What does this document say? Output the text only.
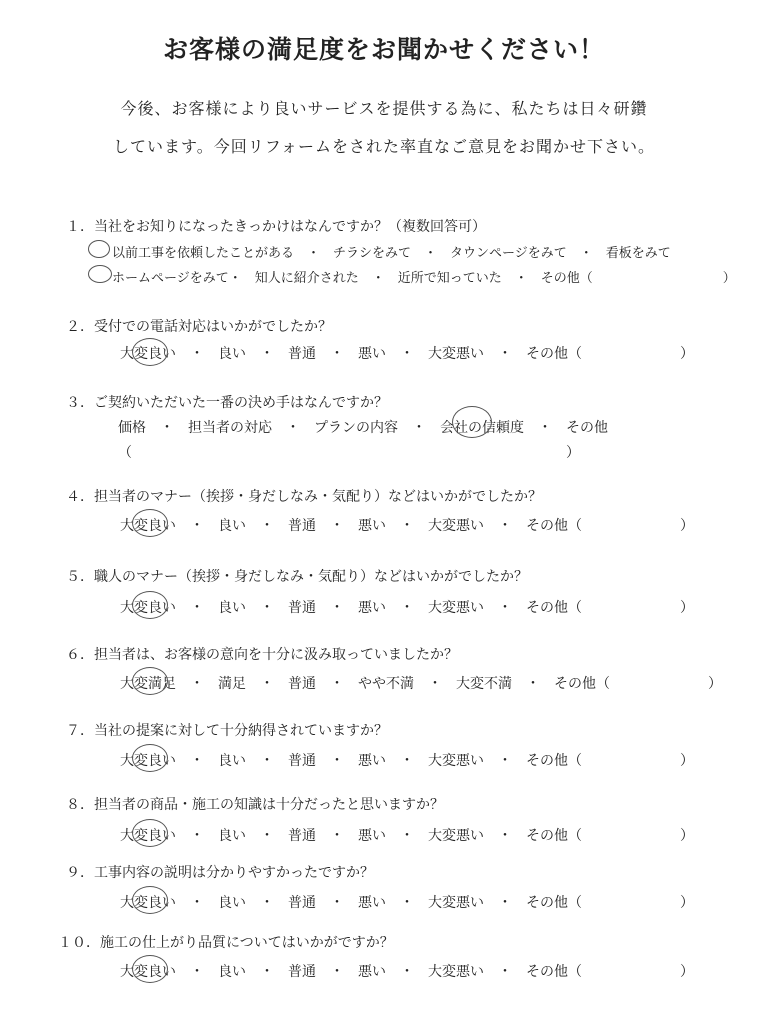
お客様の満足度をお聞かせください！
今後、お客様により良いサービスを提供する為に、私たちは日々研鑽
しています。今回リフォームをされた率直なご意見をお聞かせ下さい。
１．当社をお知りになったきっかけはなんですか？（複数回答可）
以前工事を依頼したことがある　・　チラシをみて　・　タウンページをみて　・　看板をみて
ホームページをみて・　知人に紹介された　・　近所で知っていた　・　その他（　　　　　　　　　　）
２．受付での電話対応はいかがでしたか？
大変良い　・　良い　・　普通　・　悪い　・　大変悪い　・　その他（　　　　　　　）
３．ご契約いただいた一番の決め手はなんですか？
価格　・　担当者の対応　・　プランの内容　・　会社の信頼度　・　その他
（　　　　　　　　　　　　　　　　　　　　　　　　　　　　　　　）
４．担当者のマナー（挨拶・身だしなみ・気配り）などはいかがでしたか？
大変良い　・　良い　・　普通　・　悪い　・　大変悪い　・　その他（　　　　　　　）
５．職人のマナー（挨拶・身だしなみ・気配り）などはいかがでしたか？
大変良い　・　良い　・　普通　・　悪い　・　大変悪い　・　その他（　　　　　　　）
６．担当者は、お客様の意向を十分に汲み取っていましたか？
大変満足　・　満足　・　普通　・　やや不満　・　大変不満　・　その他（　　　　　　　）
７．当社の提案に対して十分納得されていますか？
大変良い　・　良い　・　普通　・　悪い　・　大変悪い　・　その他（　　　　　　　）
８．担当者の商品・施工の知識は十分だったと思いますか？
大変良い　・　良い　・　普通　・　悪い　・　大変悪い　・　その他（　　　　　　　）
９．工事内容の説明は分かりやすかったですか？
大変良い　・　良い　・　普通　・　悪い　・　大変悪い　・　その他（　　　　　　　）
１０．施工の仕上がり品質についてはいかがですか？
大変良い　・　良い　・　普通　・　悪い　・　大変悪い　・　その他（　　　　　　　）
